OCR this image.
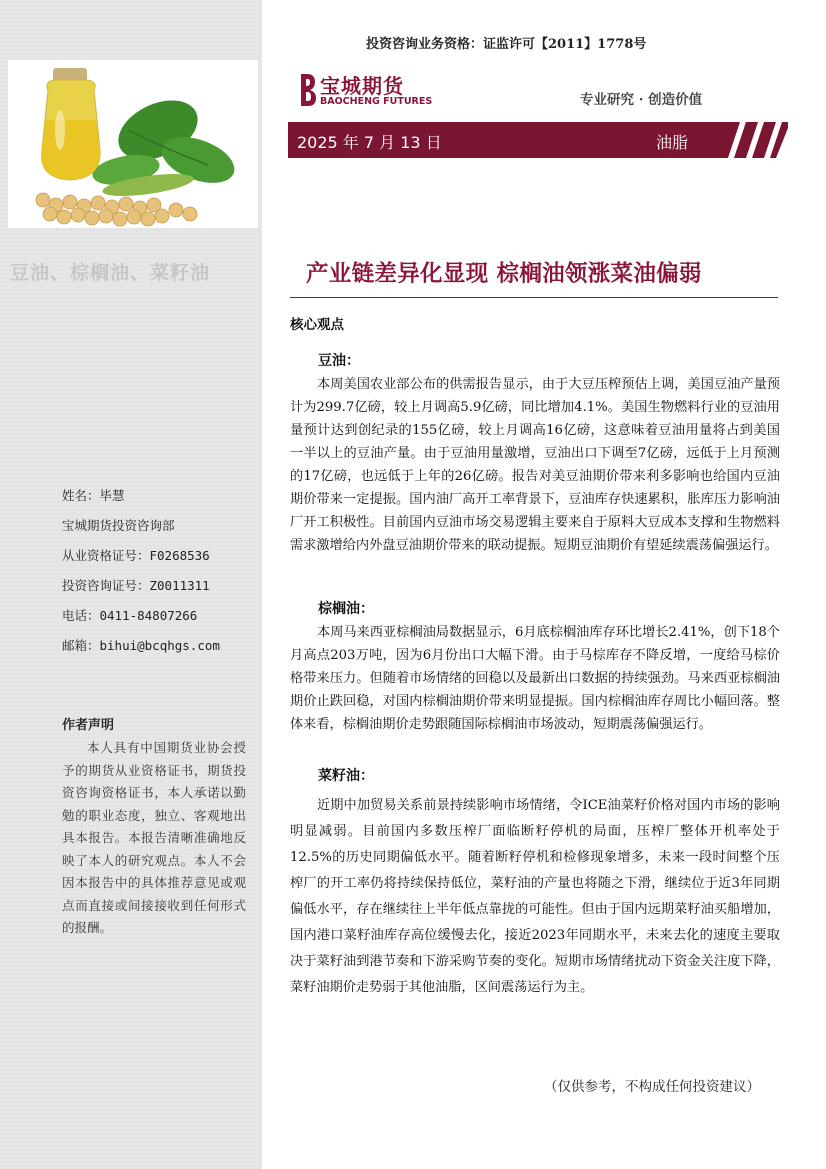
豆油、棕榈油、菜籽油
姓名：毕慧
宝城期货投资咨询部
从业资格证号：F0268536
投资咨询证号：Z0011311
电话：0411-84807266
邮箱：bihui@bcqhgs.com
作者声明
本人具有中国期货业协会授予的期货从业资格证书，期货投资咨询资格证书，本人承诺以勤勉的职业态度，独立、客观地出具本报告。本报告清晰准确地反映了本人的研究观点。本人不会因本报告中的具体推荐意见或观点而直接或间接接收到任何形式的报酬。
投资咨询业务资格：证监许可【2011】1778号
宝城期货
BAOCHENG FUTURES	专业研究 · 创造价值
2025 年 7 月 13 日	油脂
产业链差异化显现 棕榈油领涨菜油偏弱
核心观点
豆油：
本周美国农业部公布的供需报告显示，由于大豆压榨预估上调，美国豆油产量预计为299.7亿磅，较上月调高5.9亿磅，同比增加4.1%。美国生物燃料行业的豆油用量预计达到创纪录的155亿磅，较上月调高16亿磅，这意味着豆油用量将占到美国一半以上的豆油产量。由于豆油用量激增，豆油出口下调至7亿磅，远低于上月预测的17亿磅，也远低于上年的26亿磅。报告对美豆油期价带来利多影响也给国内豆油期价带来一定提振。国内油厂高开工率背景下，豆油库存快速累积，胀库压力影响油厂开工积极性。目前国内豆油市场交易逻辑主要来自于原料大豆成本支撑和生物燃料需求激增给内外盘豆油期价带来的联动提振。短期豆油期价有望延续震荡偏强运行。
棕榈油：
本周马来西亚棕榈油局数据显示，6月底棕榈油库存环比增长2.41%，创下18个月高点203万吨，因为6月份出口大幅下滑。由于马棕库存不降反增，一度给马棕价格带来压力。但随着市场情绪的回稳以及最新出口数据的持续强劲。马来西亚棕榈油期价止跌回稳，对国内棕榈油期价带来明显提振。国内棕榈油库存周比小幅回落。整体来看，棕榈油期价走势跟随国际棕榈油市场波动，短期震荡偏强运行。
菜籽油：
近期中加贸易关系前景持续影响市场情绪，令ICE油菜籽价格对国内市场的影响明显减弱。目前国内多数压榨厂面临断籽停机的局面，压榨厂整体开机率处于12.5%的历史同期偏低水平。随着断籽停机和检修现象增多，未来一段时间整个压榨厂的开工率仍将持续保持低位，菜籽油的产量也将随之下滑，继续位于近3年同期偏低水平，存在继续往上半年低点靠拢的可能性。但由于国内远期菜籽油买船增加，国内港口菜籽油库存高位缓慢去化，接近2023年同期水平，未来去化的速度主要取决于菜籽油到港节奏和下游采购节奏的变化。短期市场情绪扰动下资金关注度下降，菜籽油期价走势弱于其他油脂，区间震荡运行为主。
（仅供参考，不构成任何投资建议）
